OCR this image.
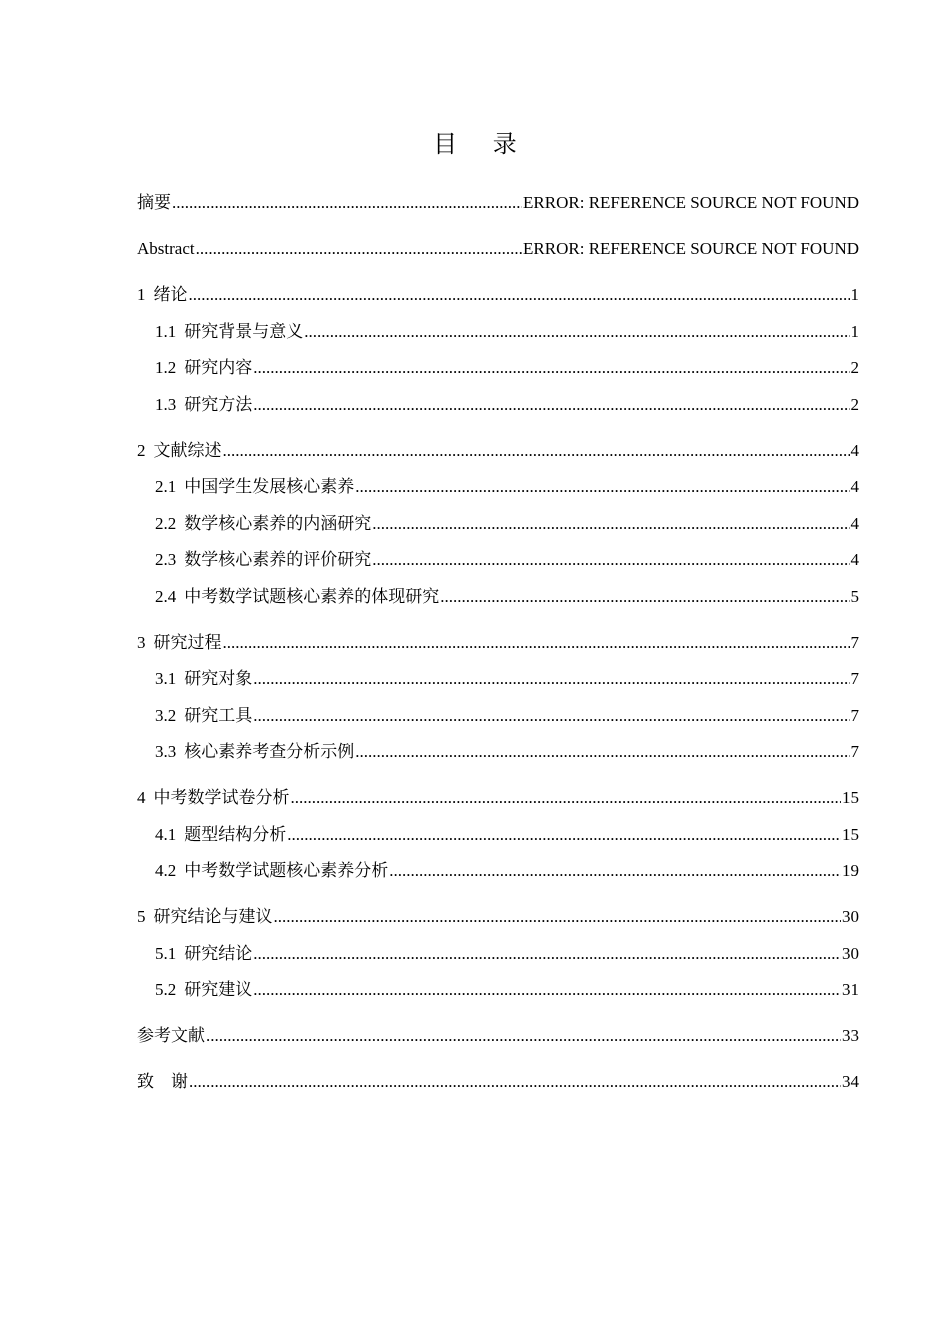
目 录
摘要 .....	ERROR: REFERENCE SOURCE NOT FOUND
Abstract .....	ERROR: REFERENCE SOURCE NOT FOUND
1 绪论 .....	1
1.1 研究背景与意义 .....	1
1.2 研究内容 .....	2
1.3 研究方法 .....	2
2 文献综述 .....	4
2.1 中国学生发展核心素养 .....	4
2.2 数学核心素养的内涵研究 .....	4
2.3 数学核心素养的评价研究 .....	4
2.4 中考数学试题核心素养的体现研究 .....	5
3 研究过程 .....	7
3.1 研究对象 .....	7
3.2 研究工具 .....	7
3.3 核心素养考查分析示例 .....	7
4 中考数学试卷分析 .....	15
4.1 题型结构分析 .....	15
4.2 中考数学试题核心素养分析 .....	19
5 研究结论与建议 .....	30
5.1 研究结论 .....	30
5.2 研究建议 .....	31
参考文献 .....	33
致　谢 .....	34
